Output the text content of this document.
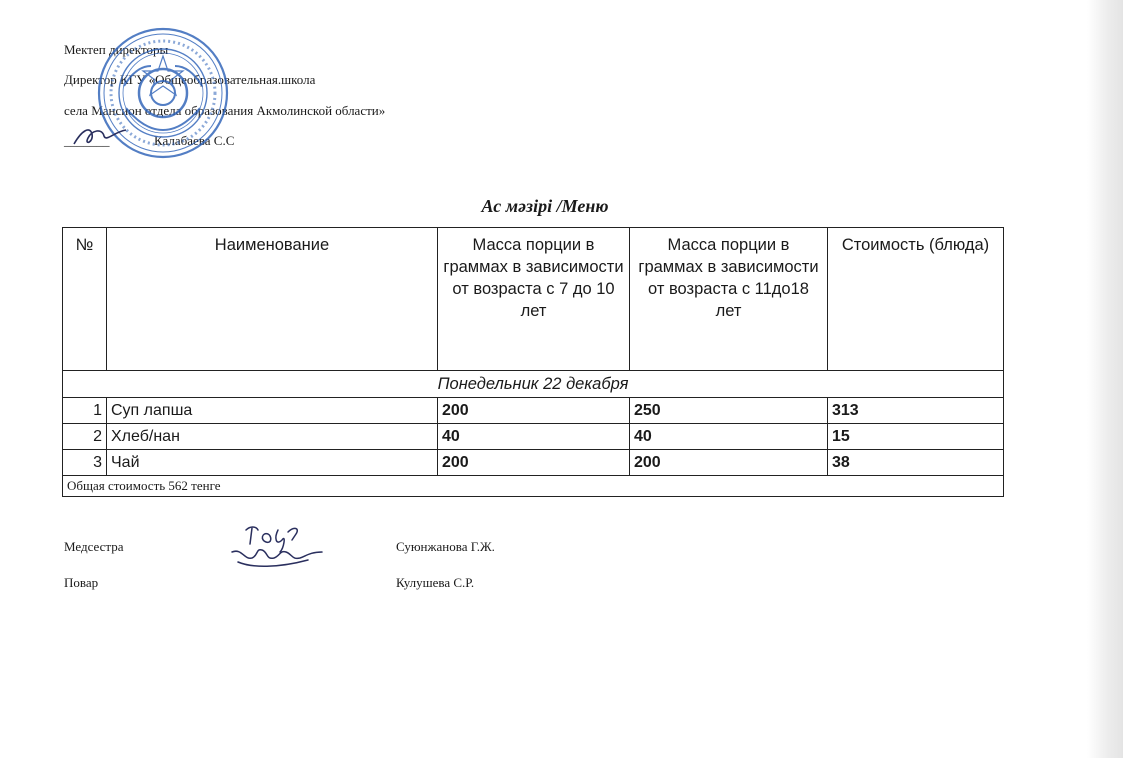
Мектеп директоры
Директор КГУ «Общеобразовательная.школа
села Мансион отдела образования Акмолинской области»
_______	Калабаева С.С
Ас мәзірі /Меню
№	Наименование	Масса порции в граммах в зависимости от возраста с 7 до 10 лет	Масса порции в граммах в зависимости от возраста с 11до18 лет	Стоимость (блюда)
Понедельник 22 декабря				
1	Суп лапша	200	250	313
2	Хлеб/нан	40	40	15
3	Чай	200	200	38
Общая стоимость 562 тенге				
Медсестра	Суюнжанова Г.Ж.
Повар	Кулушева С.Р.
